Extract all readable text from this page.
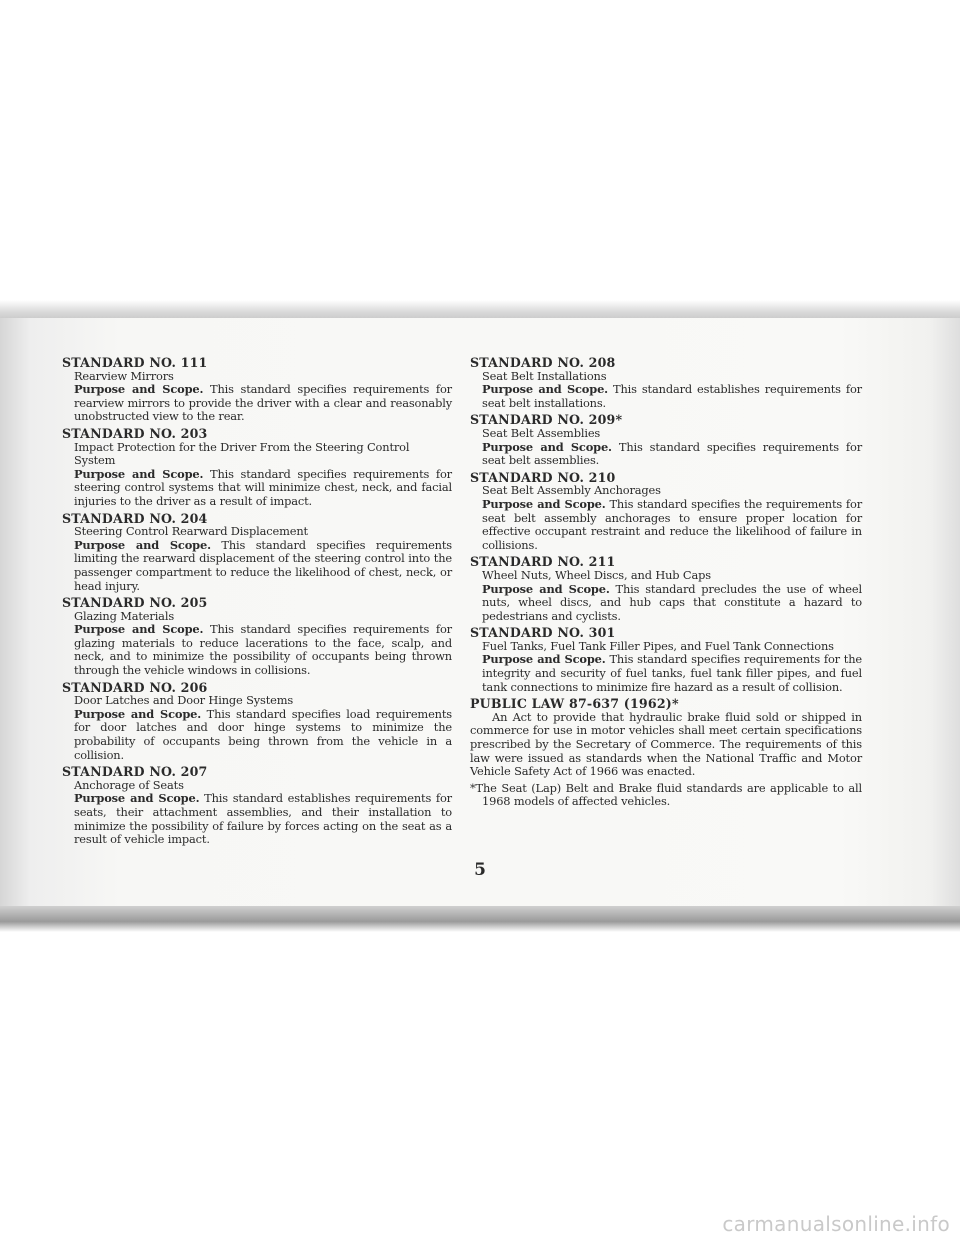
STANDARD NO. 111

Rearview Mirrors

Purpose and Scope. This standard specifies requirements for rearview mirrors to provide the driver with a clear and reasonably unobstructed view to the rear.

STANDARD NO. 203

Impact Protection for the Driver From the Steering Control System

Purpose and Scope. This standard specifies requirements for steering control systems that will minimize chest, neck, and facial injuries to the driver as a result of impact.

STANDARD NO. 204

Steering Control Rearward Displacement

Purpose and Scope. This standard specifies requirements limiting the rearward displacement of the steering control into the passenger compartment to reduce the likelihood of chest, neck, or head injury.

STANDARD NO. 205

Glazing Materials

Purpose and Scope. This standard specifies requirements for glazing materials to reduce lacerations to the face, scalp, and neck, and to minimize the possibility of occupants being thrown through the vehicle windows in collisions.

STANDARD NO. 206

Door Latches and Door Hinge Systems

Purpose and Scope. This standard specifies load requirements for door latches and door hinge systems to minimize the probability of occupants being thrown from the vehicle in a collision.

STANDARD NO. 207

Anchorage of Seats

Purpose and Scope. This standard establishes requirements for seats, their attachment assemblies, and their installation to minimize the possibility of failure by forces acting on the seat as a result of vehicle impact.

STANDARD NO. 208

Seat Belt Installations

Purpose and Scope. This standard establishes requirements for seat belt installations.

STANDARD NO. 209*

Seat Belt Assemblies

Purpose and Scope. This standard specifies requirements for seat belt assemblies.

STANDARD NO. 210

Seat Belt Assembly Anchorages

Purpose and Scope. This standard specifies the requirements for seat belt assembly anchorages to ensure proper location for effective occupant restraint and reduce the likelihood of failure in collisions.

STANDARD NO. 211

Wheel Nuts, Wheel Discs, and Hub Caps

Purpose and Scope. This standard precludes the use of wheel nuts, wheel discs, and hub caps that constitute a hazard to pedestrians and cyclists.

STANDARD NO. 301

Fuel Tanks, Fuel Tank Filler Pipes, and Fuel Tank Connections

Purpose and Scope. This standard specifies requirements for the integrity and security of fuel tanks, fuel tank filler pipes, and fuel tank connections to minimize fire hazard as a result of collision.

PUBLIC LAW 87-637 (1962)*

An Act to provide that hydraulic brake fluid sold or shipped in commerce for use in motor vehicles shall meet certain specifications prescribed by the Secretary of Commerce. The requirements of this law were issued as standards when the National Traffic and Motor Vehicle Safety Act of 1966 was enacted.

*The Seat (Lap) Belt and Brake fluid standards are applicable to all 1968 models of affected vehicles.

5
carmanualsonline.info
